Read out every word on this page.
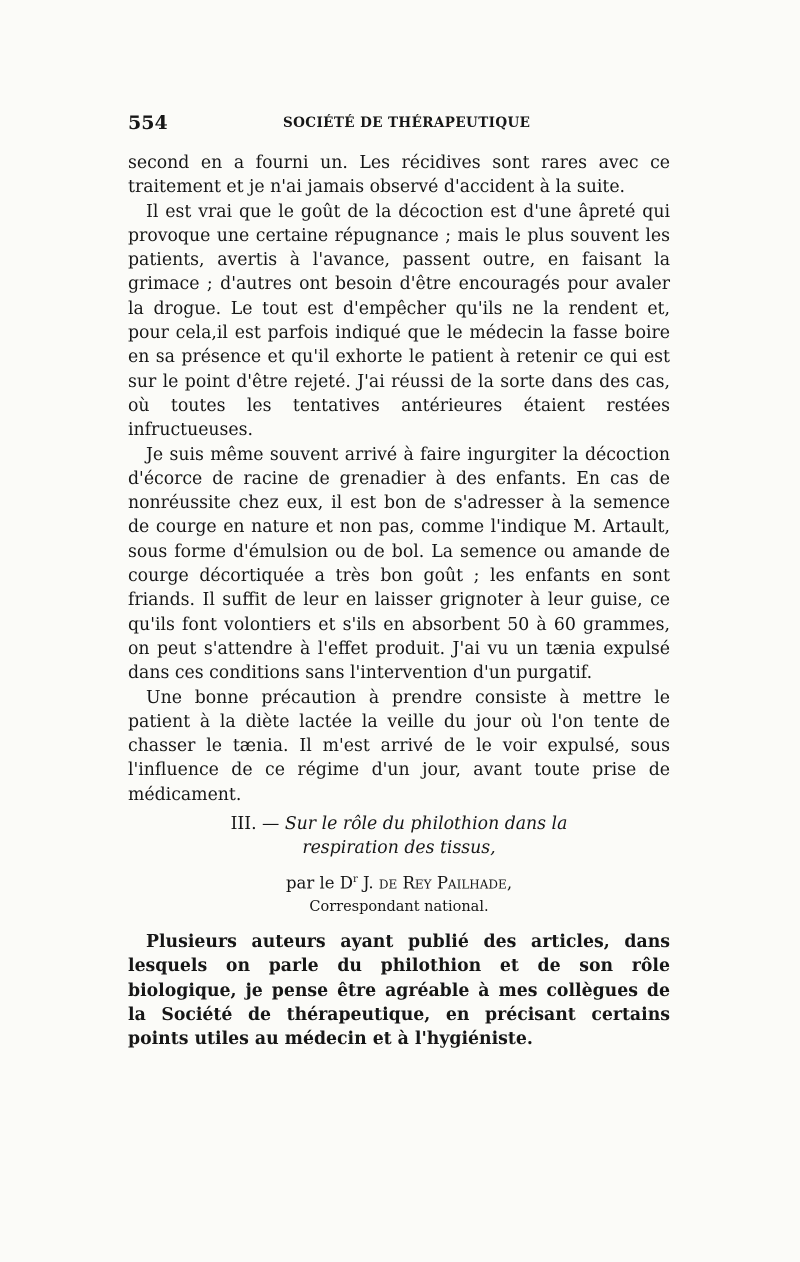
554	SOCIÉTÉ DE THÉRAPEUTIQUE

second en a fourni un. Les récidives sont rares avec ce traitement et je n'ai jamais observé d'accident à la suite.

Il est vrai que le goût de la décoction est d'une âpreté qui provoque une certaine répugnance ; mais le plus souvent les patients, avertis à l'avance, passent outre, en faisant la grimace ; d'autres ont besoin d'être encouragés pour avaler la drogue. Le tout est d'empêcher qu'ils ne la rendent et, pour cela,il est parfois indiqué que le médecin la fasse boire en sa présence et qu'il exhorte le patient à retenir ce qui est sur le point d'être rejeté. J'ai réussi de la sorte dans des cas, où toutes les tentatives antérieures étaient restées infructueuses.

Je suis même souvent arrivé à faire ingurgiter la décoction d'écorce de racine de grenadier à des enfants. En cas de nonréussite chez eux, il est bon de s'adresser à la semence de courge en nature et non pas, comme l'indique M. Artault, sous forme d'émulsion ou de bol. La semence ou amande de courge décortiquée a très bon goût ; les enfants en sont friands. Il suffit de leur en laisser grignoter à leur guise, ce qu'ils font volontiers et s'ils en absorbent 50 à 60 grammes, on peut s'attendre à l'effet produit. J'ai vu un tænia expulsé dans ces conditions sans l'intervention d'un purgatif.

Une bonne précaution à prendre consiste à mettre le patient à la diète lactée la veille du jour où l'on tente de chasser le tænia. Il m'est arrivé de le voir expulsé, sous l'influence de ce régime d'un jour, avant toute prise de médicament.

III. — Sur le rôle du philothion dans la
respiration des tissus,
par le $D^r$ J. de Rey Pailhade,
Correspondant national.

Plusieurs auteurs ayant publié des articles, dans lesquels on parle du philothion et de son rôle biologique, je pense être agréable à mes collègues de la Société de thérapeutique, en précisant certains points utiles au médecin et à l'hygiéniste.
